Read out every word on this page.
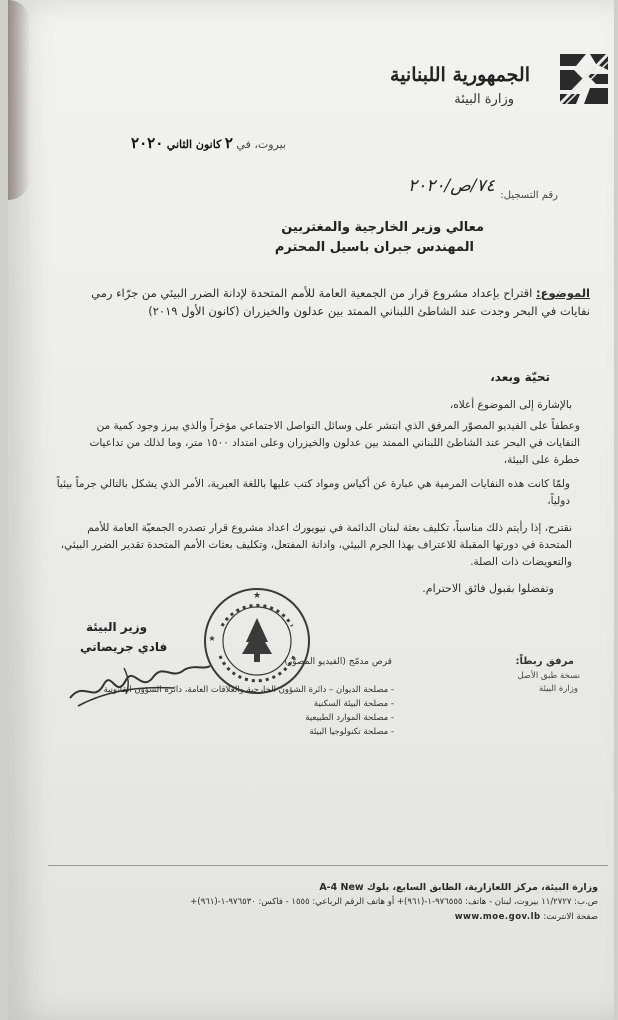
الجمهورية اللبنانية
وزارة البيئة
بيروت، في ٢ كانون الثاني ٢٠٢٠
رقم التسجيل:
٧٤/ص/٢٠٢٠
معالي وزير الخارجية والمغتربين
المهندس جبران باسيل المحترم
الموضوع: اقتراح بإعداد مشروع قرار من الجمعية العامة للأمم المتحدة لإدانة الضرر البيئي من جرّاء رمي نفايات في البحر وجدت عند الشاطئ اللبناني الممتد بين عدلون والخيزران (كانون الأول ٢٠١٩)
تحيّة وبعد،
بالإشارة إلى الموضوع أعلاه،
وعطفاً على الفيديو المصوّر المرفق الذي انتشر على وسائل التواصل الاجتماعي مؤخراً والذي يبرز وجود كمية من النفايات في البحر عند الشاطئ اللبناني الممتد بين عدلون والخيزران وعلى امتداد ١٥٠٠ متر، وما لذلك من تداعيات خطرة على البيئة،
ولمّا كانت هذه النفايات المرمية هي عبارة عن أكياس ومواد كتب عليها باللغة العبرية، الأمر الذي يشكل بالتالي جرماً بيئياً دولياً،
نقترح، إذا رأيتم ذلك مناسباً، تكليف بعثة لبنان الدائمة في نيويورك اعداد مشروع قرار تصدره الجمعيّة العامة للأمم المتحدة في دورتها المقبلة للاعتراف بهذا الجرم البيئي، وادانة المفتعل، وتكليف بعثات الأمم المتحدة تقدير الضرر البيئي، والتعويضات ذات الصلة.
وتفضلوا بقبول فائق الاحترام.
★
★
وزير البيئة
فادي جريصاتي
مرفق ربطاً:
نسخة طبق الأصل
وزارة البيئة
قرص مدمّج (الفيديو المصوّر)
- مصلحة الديوان – دائرة الشؤون الخارجية والعلاقات العامة، دائرة الشؤون القانونية
- مصلحة البيئة السكنية
- مصلحة الموارد الطبيعية
- مصلحة تكنولوجيا البيئة
وزارة البيئة، مركز اللعازارية، الطابق السابع، بلوك A-4 New
ص.ب: ١١/٢٧٢٧ بيروت، لبنان - هاتف: ٩٧٦٥٥٥-١-(٩٦١)+ أو هاتف الرقم الرباعي: ١٥٥٥ - فاكس: ٩٧٦٥٣٠-١-(٩٦١)+
صفحة الانترنت: www.moe.gov.lb
